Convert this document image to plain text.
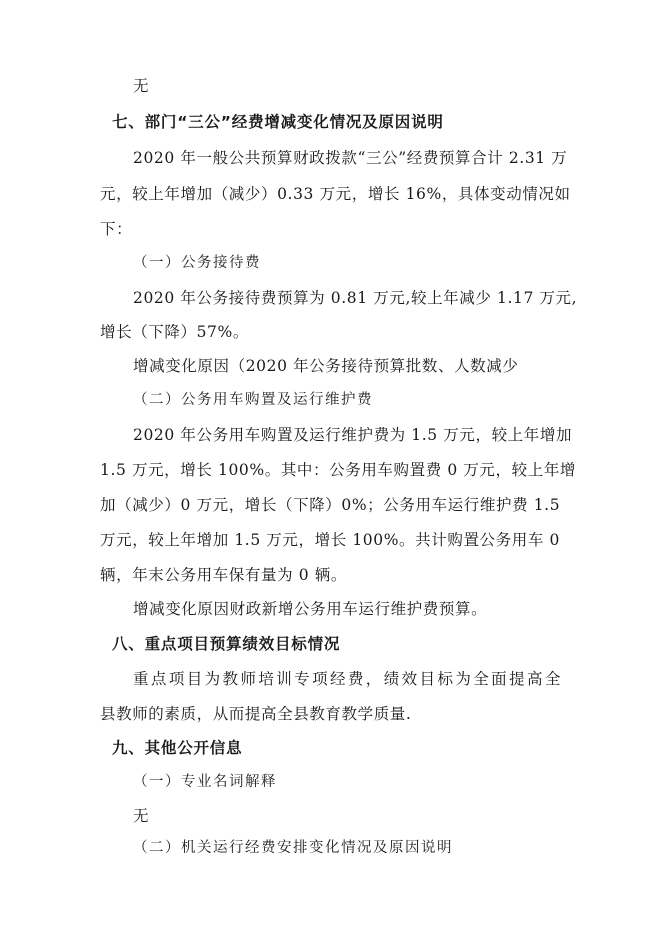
无
七、部门“三公”经费增减变化情况及原因说明
2020 年一般公共预算财政拨款“三公”经费预算合计 2.31 万
元，较上年增加（减少）0.33 万元，增长 16%，具体变动情况如
下：
（一）公务接待费
2020 年公务接待费预算为 0.81 万元,较上年减少 1.17 万元,
增长（下降）57%。
增减变化原因（2020 年公务接待预算批数、人数减少
（二）公务用车购置及运行维护费
2020 年公务用车购置及运行维护费为 1.5 万元，较上年增加
1.5 万元，增长 100%。其中：公务用车购置费 0 万元，较上年增
加（减少）0 万元，增长（下降）0%；公务用车运行维护费 1.5
万元，较上年增加 1.5 万元，增长 100%。共计购置公务用车 0
辆，年末公务用车保有量为 0 辆。
增减变化原因财政新增公务用车运行维护费预算。
八、重点项目预算绩效目标情况
重点项目为教师培训专项经费，绩效目标为全面提高全
县教师的素质，从而提高全县教育教学质量.
九、其他公开信息
（一）专业名词解释
无
（二）机关运行经费安排变化情况及原因说明
